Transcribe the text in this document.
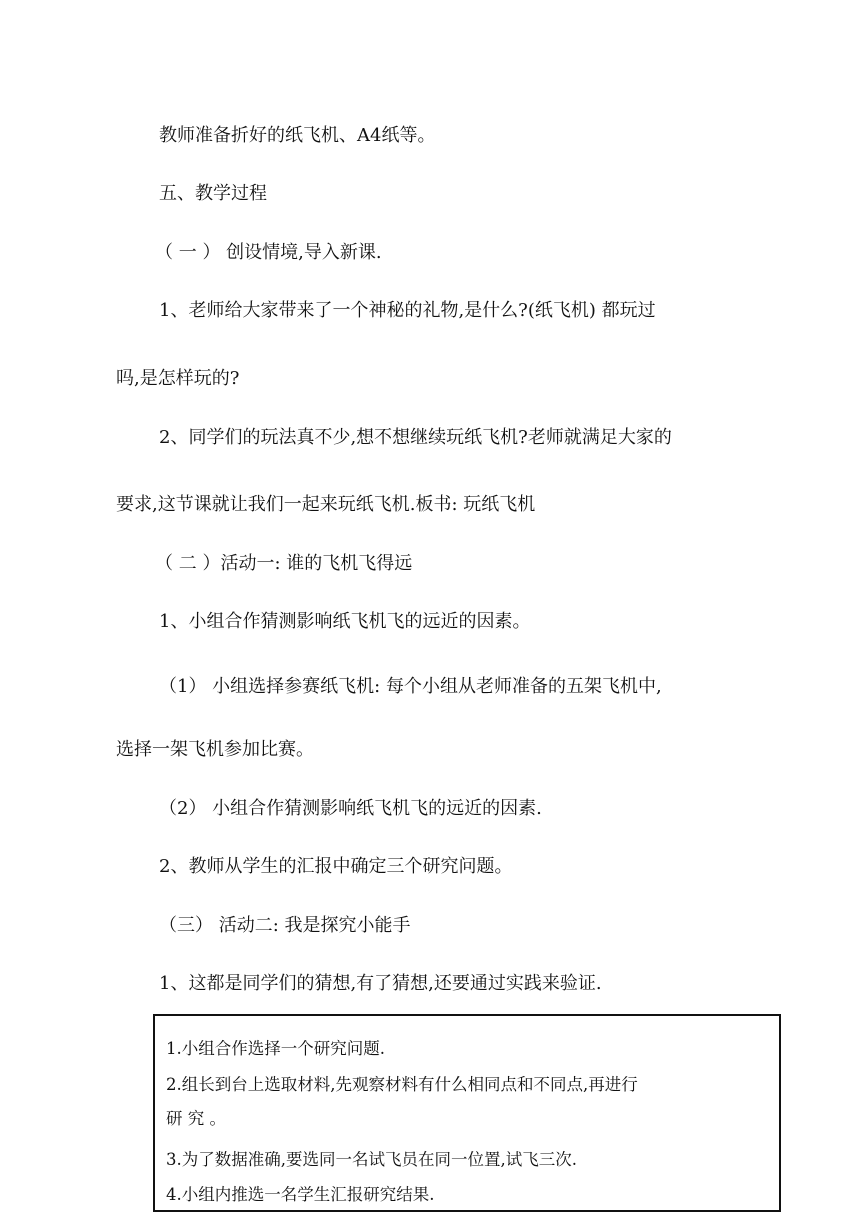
教师准备折好的纸飞机、A4纸等。
五、教学过程
（ 一 ） 创设情境,导入新课.
1、老师给大家带来了一个神秘的礼物,是什么?(纸飞机) 都玩过
吗,是怎样玩的?
2、同学们的玩法真不少,想不想继续玩纸飞机?老师就满足大家的
要求,这节课就让我们一起来玩纸飞机.板书: 玩纸飞机
（ 二 ）活动一: 谁的飞机飞得远
1、小组合作猜测影响纸飞机飞的远近的因素。
（1） 小组选择参赛纸飞机: 每个小组从老师准备的五架飞机中,
选择一架飞机参加比赛。
（2） 小组合作猜测影响纸飞机飞的远近的因素.
2、教师从学生的汇报中确定三个研究问题。
（三） 活动二: 我是探究小能手
1、这都是同学们的猜想,有了猜想,还要通过实践来验证.
1.小组合作选择一个研究问题.
2.组长到台上选取材料,先观察材料有什么相同点和不同点,再进行
研 究 。
3.为了数据准确,要选同一名试飞员在同一位置,试飞三次.
4.小组内推选一名学生汇报研究结果.
